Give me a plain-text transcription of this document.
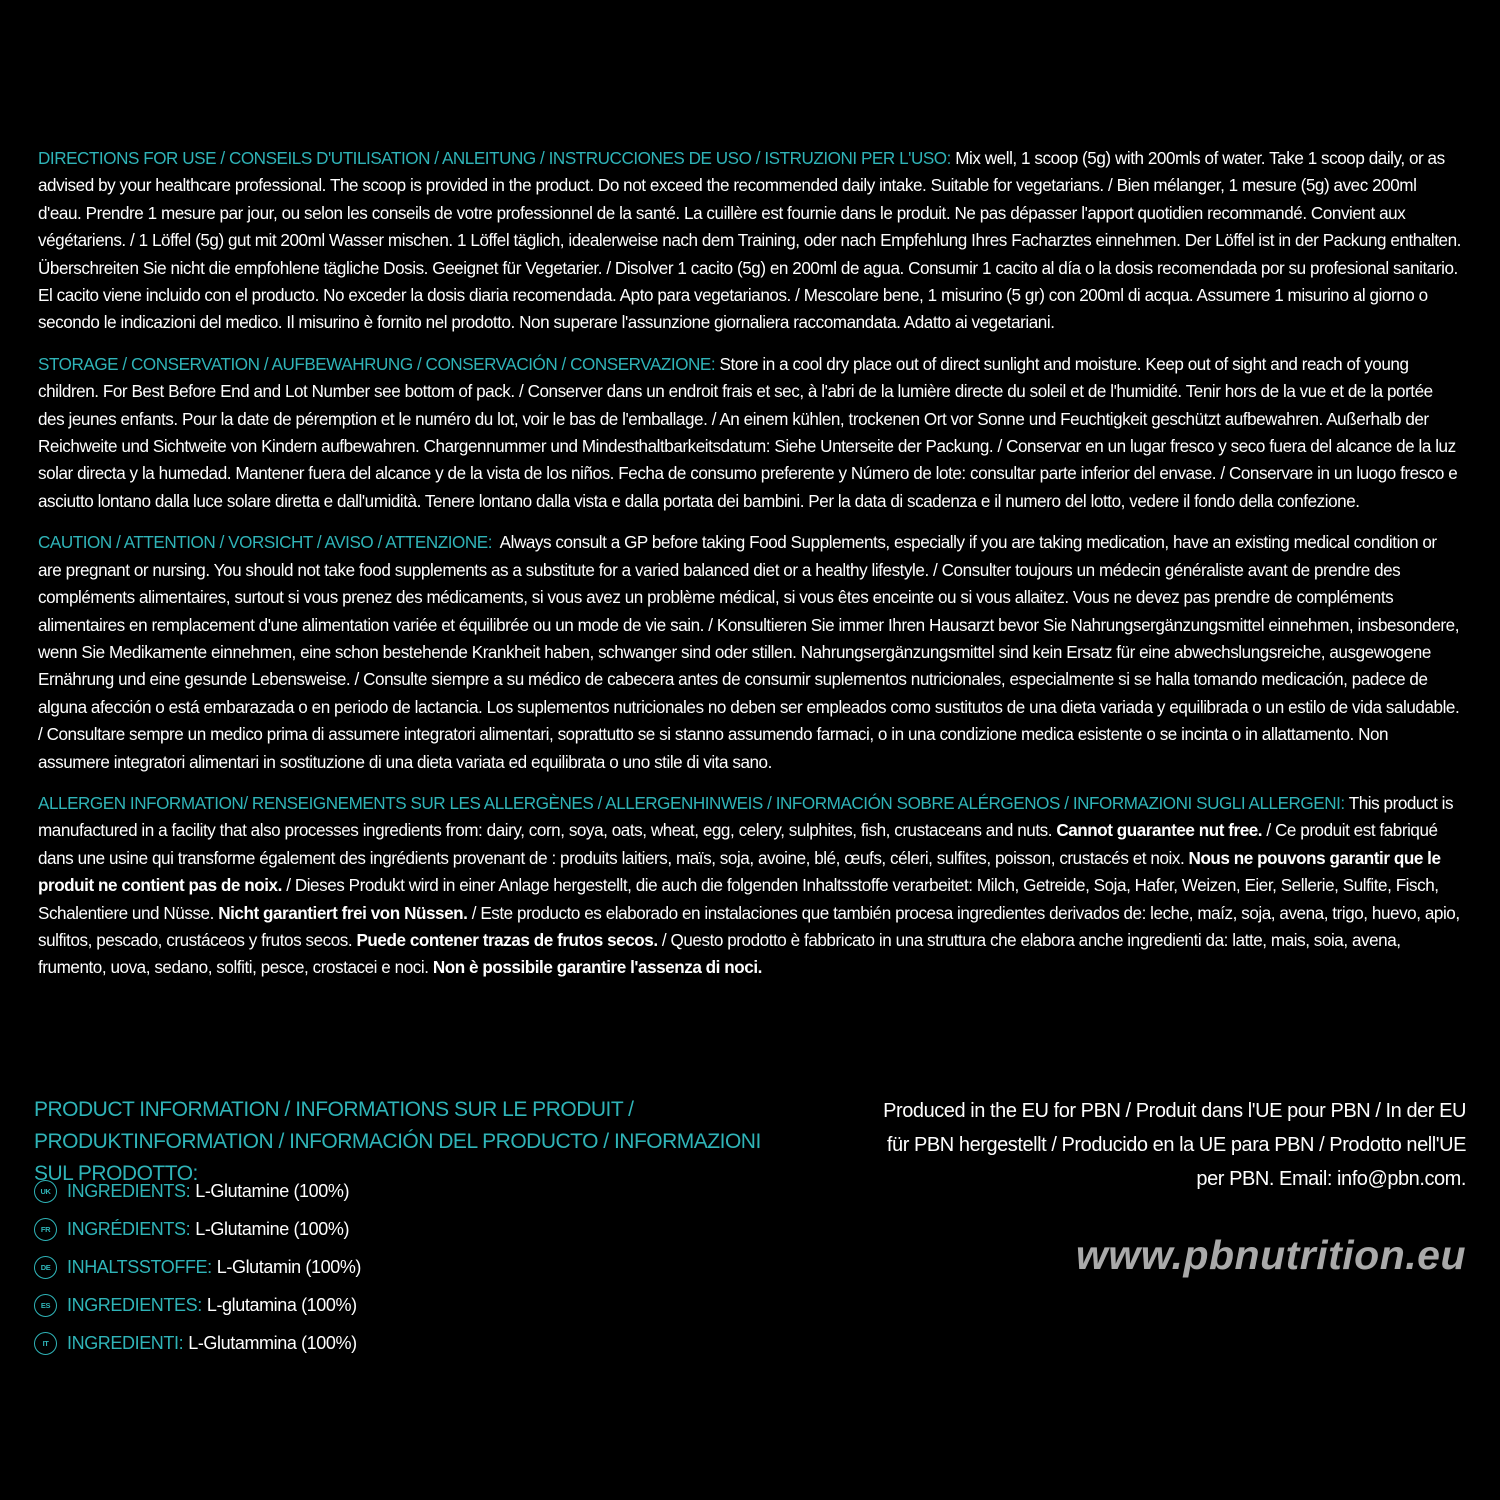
DIRECTIONS FOR USE / CONSEILS D'UTILISATION / ANLEITUNG / INSTRUCCIONES DE USO / ISTRUZIONI PER L'USO: Mix well, 1 scoop (5g) with 200mls of water. Take 1 scoop daily, or as advised by your healthcare professional. The scoop is provided in the product. Do not exceed the recommended daily intake. Suitable for vegetarians. / Bien mélanger, 1 mesure (5g) avec 200ml d'eau. Prendre 1 mesure par jour, ou selon les conseils de votre professionnel de la santé. La cuillère est fournie dans le produit. Ne pas dépasser l'apport quotidien recommandé. Convient aux végétariens. / 1 Löffel (5g) gut mit 200ml Wasser mischen. 1 Löffel täglich, idealerweise nach dem Training, oder nach Empfehlung Ihres Facharztes einnehmen. Der Löffel ist in der Packung enthalten. Überschreiten Sie nicht die empfohlene tägliche Dosis. Geeignet für Vegetarier. / Disolver 1 cacito (5g) en 200ml de agua. Consumir 1 cacito al día o la dosis recomendada por su profesional sanitario. El cacito viene incluido con el producto. No exceder la dosis diaria recomendada. Apto para vegetarianos. / Mescolare bene, 1 misurino (5 gr) con 200ml di acqua. Assumere 1 misurino al giorno o secondo le indicazioni del medico. Il misurino è fornito nel prodotto. Non superare l'assunzione giornaliera raccomandata. Adatto ai vegetariani.

STORAGE / CONSERVATION / AUFBEWAHRUNG / CONSERVACIÓN / CONSERVAZIONE: Store in a cool dry place out of direct sunlight and moisture. Keep out of sight and reach of young children. For Best Before End and Lot Number see bottom of pack. / Conserver dans un endroit frais et sec, à l'abri de la lumière directe du soleil et de l'humidité. Tenir hors de la vue et de la portée des jeunes enfants. Pour la date de péremption et le numéro du lot, voir le bas de l'emballage. / An einem kühlen, trockenen Ort vor Sonne und Feuchtigkeit geschützt aufbewahren. Außerhalb der Reichweite und Sichtweite von Kindern aufbewahren. Chargennummer und Mindesthaltbarkeitsdatum: Siehe Unterseite der Packung. / Conservar en un lugar fresco y seco fuera del alcance de la luz solar directa y la humedad. Mantener fuera del alcance y de la vista de los niños. Fecha de consumo preferente y Número de lote: consultar parte inferior del envase. / Conservare in un luogo fresco e asciutto lontano dalla luce solare diretta e dall'umidità. Tenere lontano dalla vista e dalla portata dei bambini. Per la data di scadenza e il numero del lotto, vedere il fondo della confezione.

CAUTION / ATTENTION / VORSICHT / AVISO / ATTENZIONE:  Always consult a GP before taking Food Supplements, especially if you are taking medication, have an existing medical condition or are pregnant or nursing. You should not take food supplements as a substitute for a varied balanced diet or a healthy lifestyle. / Consulter toujours un médecin généraliste avant de prendre des compléments alimentaires, surtout si vous prenez des médicaments, si vous avez un problème médical, si vous êtes enceinte ou si vous allaitez. Vous ne devez pas prendre de compléments alimentaires en remplacement d'une alimentation variée et équilibrée ou un mode de vie sain. / Konsultieren Sie immer Ihren Hausarzt bevor Sie Nahrungsergänzungsmittel einnehmen, insbesondere, wenn Sie Medikamente einnehmen, eine schon bestehende Krankheit haben, schwanger sind oder stillen. Nahrungsergänzungsmittel sind kein Ersatz für eine abwechslungsreiche, ausgewogene Ernährung und eine gesunde Lebensweise. / Consulte siempre a su médico de cabecera antes de consumir suplementos nutricionales, especialmente si se halla tomando medicación, padece de alguna afección o está embarazada o en periodo de lactancia. Los suplementos nutricionales no deben ser empleados como sustitutos de una dieta variada y equilibrada o un estilo de vida saludable. / Consultare sempre un medico prima di assumere integratori alimentari, soprattutto se si stanno assumendo farmaci, o in una condizione medica esistente o se incinta o in allattamento. Non assumere integratori alimentari in sostituzione di una dieta variata ed equilibrata o uno stile di vita sano.

ALLERGEN INFORMATION/ RENSEIGNEMENTS SUR LES ALLERGÈNES / ALLERGENHINWEIS / INFORMACIÓN SOBRE ALÉRGENOS / INFORMAZIONI SUGLI ALLERGENI: This product is manufactured in a facility that also processes ingredients from: dairy, corn, soya, oats, wheat, egg, celery, sulphites, fish, crustaceans and nuts. Cannot guarantee nut free. / Ce produit est fabriqué dans une usine qui transforme également des ingrédients provenant de : produits laitiers, maïs, soja, avoine, blé, œufs, céleri, sulfites, poisson, crustacés et noix. Nous ne pouvons garantir que le produit ne contient pas de noix. / Dieses Produkt wird in einer Anlage hergestellt, die auch die folgenden Inhaltsstoffe verarbeitet: Milch, Getreide, Soja, Hafer, Weizen, Eier, Sellerie, Sulfite, Fisch, Schalentiere und Nüsse. Nicht garantiert frei von Nüssen. / Este producto es elaborado en instalaciones que también procesa ingredientes derivados de: leche, maíz, soja, avena, trigo, huevo, apio, sulfitos, pescado, crustáceos y frutos secos. Puede contener trazas de frutos secos. / Questo prodotto è fabbricato in una struttura che elabora anche ingredienti da: latte, mais, soia, avena, frumento, uova, sedano, solfiti, pesce, crostacei e noci. Non è possibile garantire l'assenza di noci.

PRODUCT INFORMATION / INFORMATIONS SUR LE PRODUIT / PRODUKTINFORMATION / INFORMACIÓN DEL PRODUCTO / INFORMAZIONI SUL PRODOTTO:
UK INGREDIENTS: L-Glutamine (100%)
FR INGRÉDIENTS: L-Glutamine (100%)
DE INHALTSSTOFFE: L-Glutamin (100%)
ES INGREDIENTES: L-glutamina (100%)
IT	INGREDIENTI: L-Glutammina (100%)
Produced in the EU for PBN / Produit dans l'UE pour PBN / In der EU für PBN hergestellt / Producido en la UE para PBN / Prodotto nell'UE per PBN. Email: info@pbn.com.
www.pbnutrition.eu
